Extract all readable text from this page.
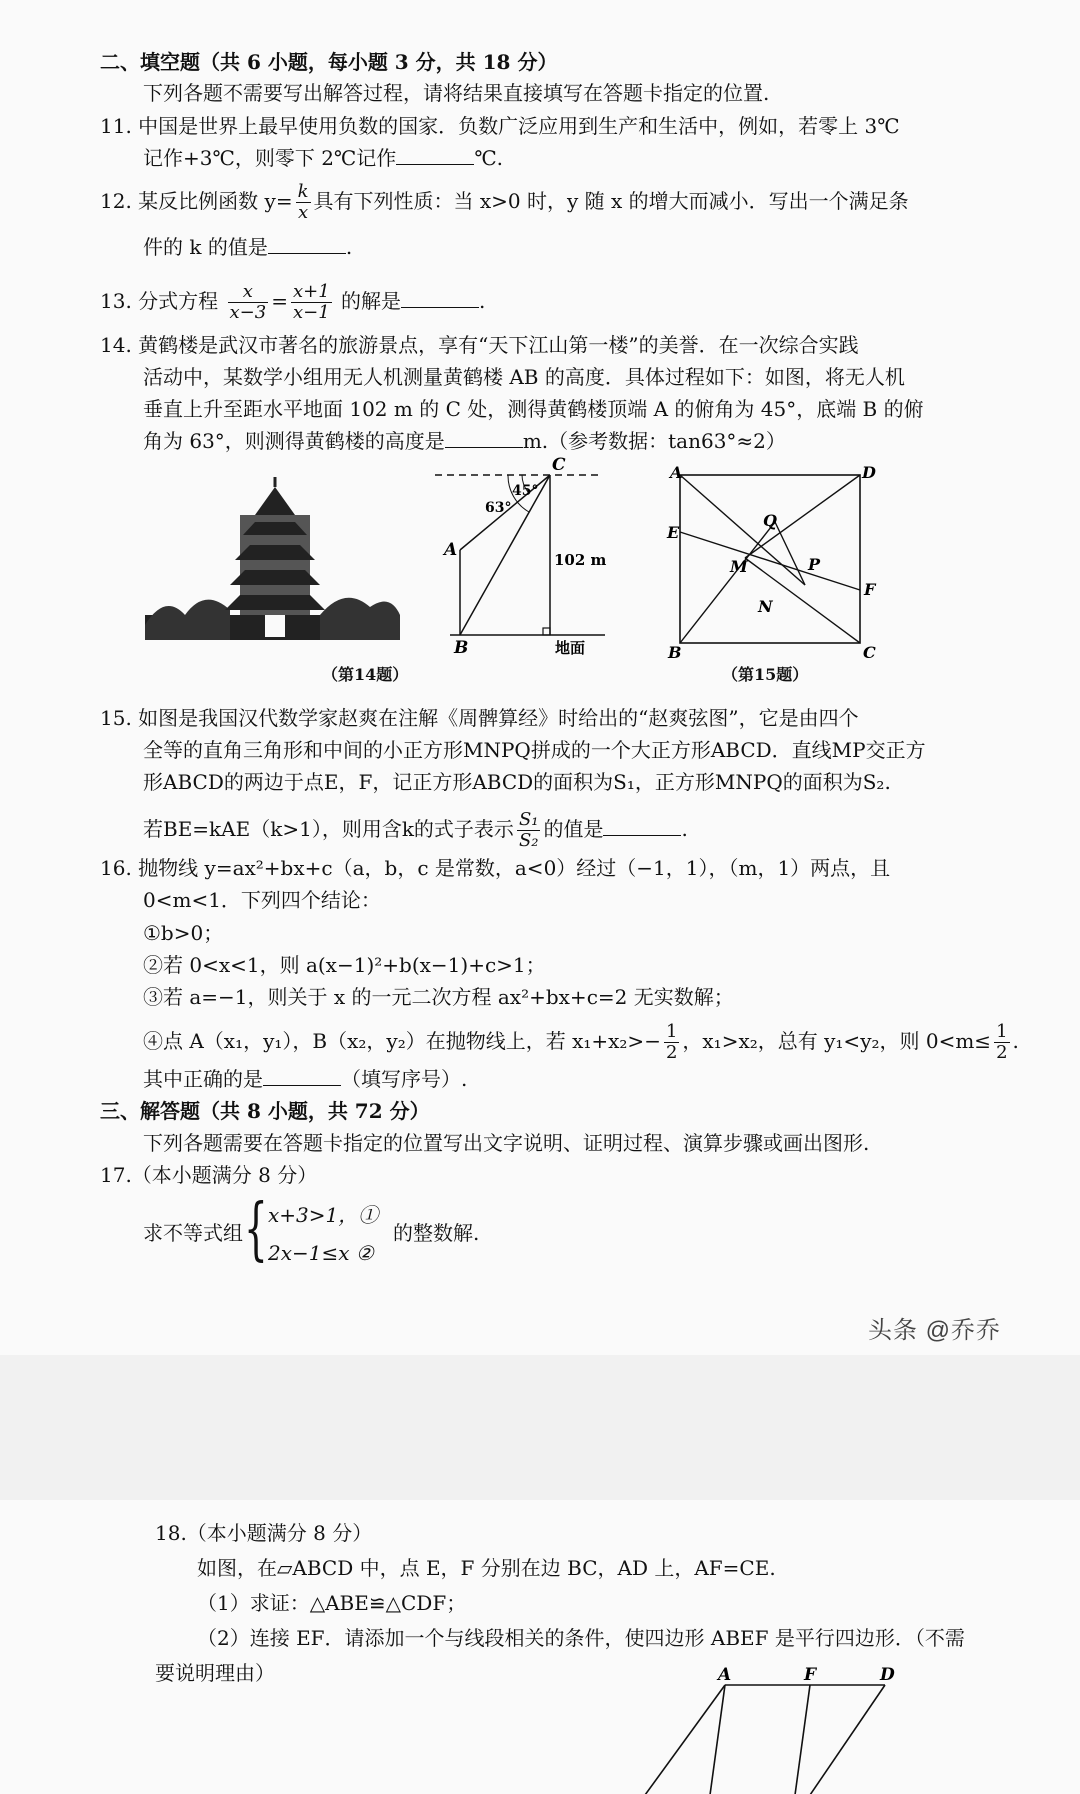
二、填空题（共 6 小题，每小题 3 分，共 18 分）
下列各题不需要写出解答过程，请将结果直接填写在答题卡指定的位置.
11. 中国是世界上最早使用负数的国家．负数广泛应用到生产和生活中，例如，若零上 3℃
记作+3℃，则零下 2℃记作	℃.
12. 某反比例函数 $y= \frac{k}{x}$ 具有下列性质：当 x>0 时，y 随 x 的增大而减小．写出一个满足条
件的 k 的值是	.
13. 分式方程 $\frac{x}{x-3} = \frac{x+1}{x-1}$ 的解是	.
14. 黄鹤楼是武汉市著名的旅游景点，享有“天下江山第一楼”的美誉．在一次综合实践
活动中，某数学小组用无人机测量黄鹤楼 AB 的高度．具体过程如下：如图，将无人机
垂直上升至距水平地面 102 m 的 C 处，测得黄鹤楼顶端 A 的俯角为 45°，底端 B 的俯
角为 63°，则测得黄鹤楼的高度是	m.（参考数据：tan63°≈2）
C
A
B
45°
63°
102 m
地面
（第14题）
A	D
B	C
E
F
M
N
P
Q
（第15题）
15. 如图是我国汉代数学家赵爽在注解《周髀算经》时给出的“赵爽弦图”，它是由四个
全等的直角三角形和中间的小正方形MNPQ拼成的一个大正方形ABCD．直线MP交正方
形ABCD的两边于点E，F，记正方形ABCD的面积为S₁，正方形MNPQ的面积为S₂.
若BE=kAE（k>1），则用含k的式子表示 $\frac{\text{S₁}}{\text{S₂}}$ 的值是	.
16. 抛物线 y=ax²+bx+c（a，b，c 是常数，a<0）经过（−1，1），（m，1）两点，且
0<m<1．下列四个结论：
①b>0；
②若 0<x<1，则 a(x−1)²+b(x−1)+c>1；
③若 a=−1，则关于 x 的一元二次方程 ax²+bx+c=2 无实数解；
④点 A（x₁，y₁），B（x₂，y₂）在抛物线上，若 $x_1+x_2>- \frac{1}{2}$ ，x₁>x₂，总有 y₁<y₂，则 $0<m\le \frac{1}{2}$ .
其中正确的是	（填写序号）.
三、解答题（共 8 小题，共 72 分）
下列各题需要在答题卡指定的位置写出文字说明、证明过程、演算步骤或画出图形.
17.（本小题满分 8 分）
求不等式组 { x+3>1，①
2x−1≤x ②
的整数解.
头条 @乔乔
18.（本小题满分 8 分）
如图，在▱ABCD 中，点 E，F 分别在边 BC，AD 上，AF=CE.
（1）求证：△ABE≌△CDF；
（2）连接 EF．请添加一个与线段相关的条件，使四边形 ABEF 是平行四边形．（不需
要说明理由）	A	F	D
